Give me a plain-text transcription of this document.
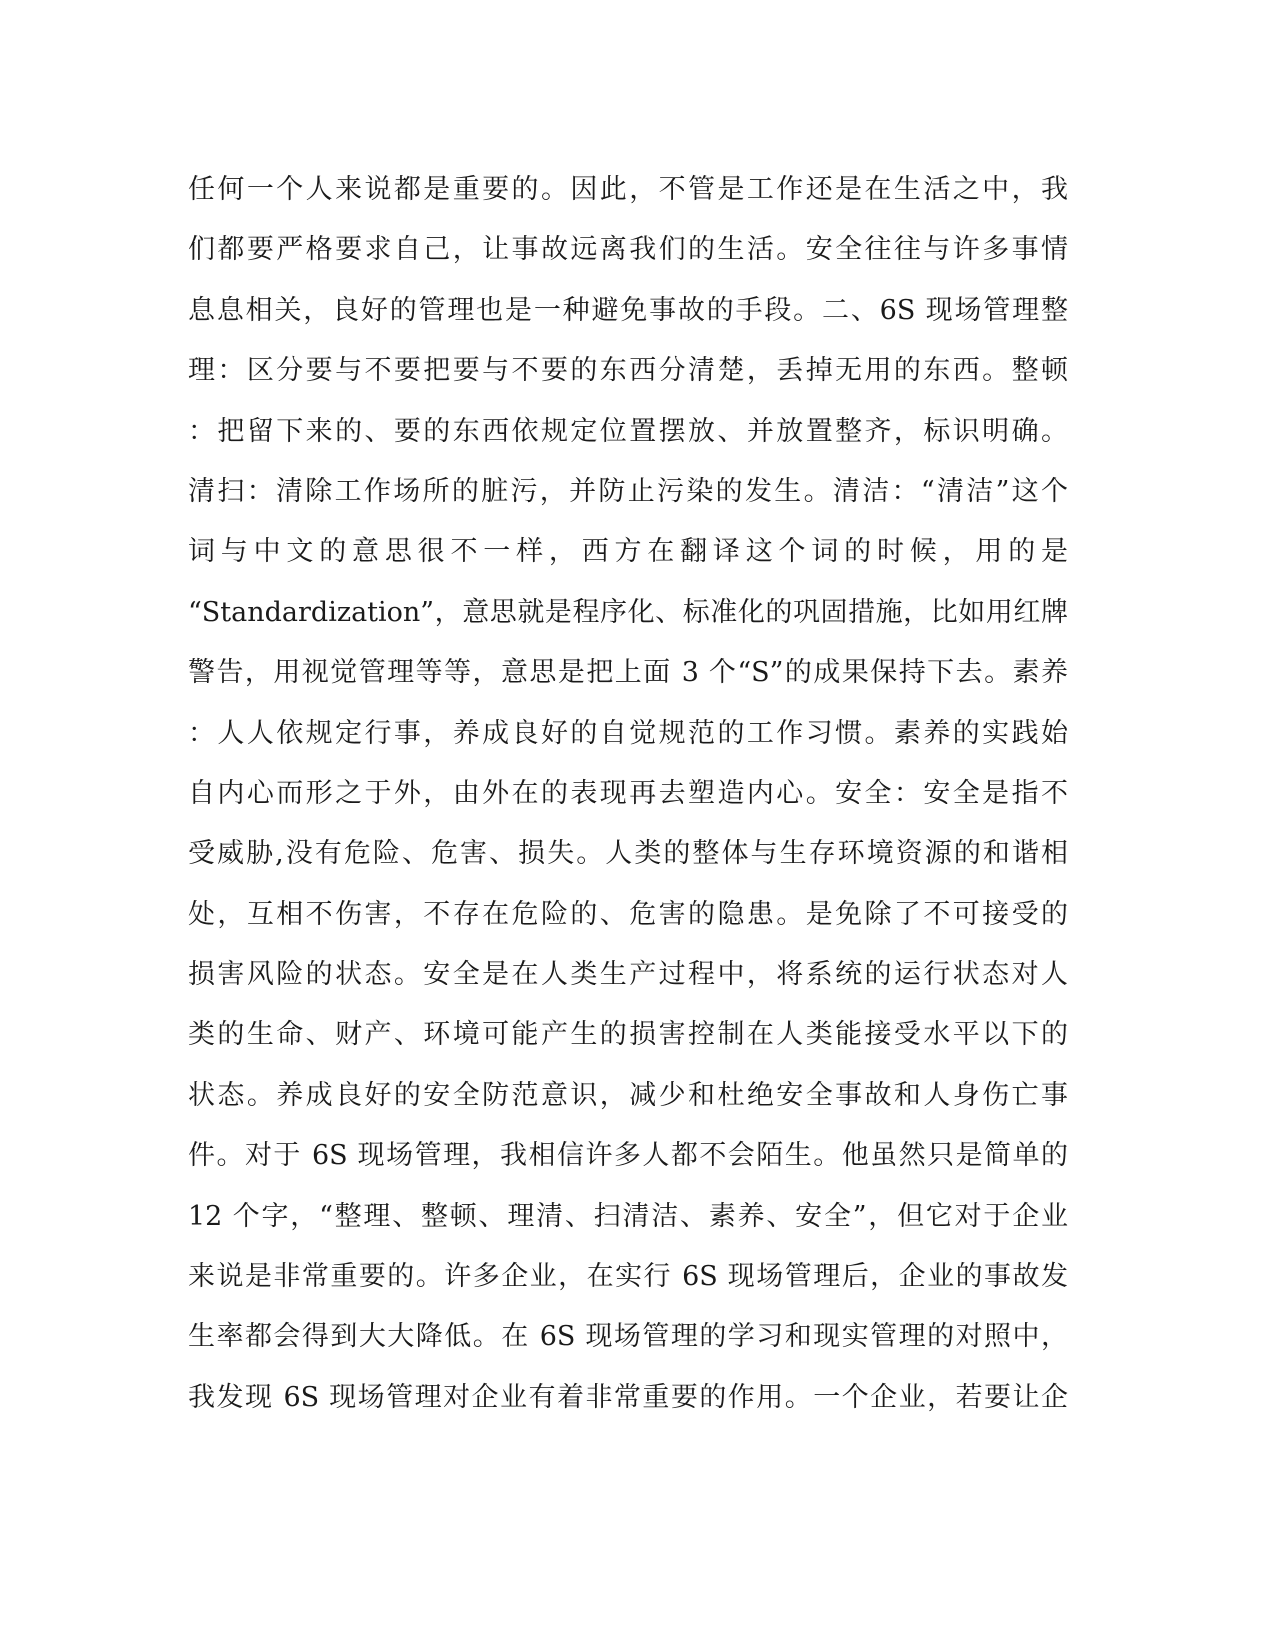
任何一个人来说都是重要的。因此，不管是工作还是在生活之中，我
们都要严格要求自己，让事故远离我们的生活。安全往往与许多事情
息息相关，良好的管理也是一种避免事故的手段。二、6S 现场管理整
理：区分要与不要把要与不要的东西分清楚，丢掉无用的东西。整顿
：把留下来的、要的东西依规定位置摆放、并放置整齐，标识明确。
清扫：清除工作场所的脏污，并防止污染的发生。清洁：“清洁”这个
词与中文的意思很不一样，西方在翻译这个词的时候，用的是
“Standardization”，意思就是程序化、标准化的巩固措施，比如用红牌
警告，用视觉管理等等，意思是把上面 3 个“S”的成果保持下去。素养
：人人依规定行事，养成良好的自觉规范的工作习惯。素养的实践始
自内心而形之于外，由外在的表现再去塑造内心。安全：安全是指不
受威胁,没有危险、危害、损失。人类的整体与生存环境资源的和谐相
处，互相不伤害，不存在危险的、危害的隐患。是免除了不可接受的
损害风险的状态。安全是在人类生产过程中，将系统的运行状态对人
类的生命、财产、环境可能产生的损害控制在人类能接受水平以下的
状态。养成良好的安全防范意识，减少和杜绝安全事故和人身伤亡事
件。对于 6S 现场管理，我相信许多人都不会陌生。他虽然只是简单的
12 个字，“整理、整顿、理清、扫清洁、素养、安全”，但它对于企业
来说是非常重要的。许多企业，在实行 6S 现场管理后，企业的事故发
生率都会得到大大降低。在 6S 现场管理的学习和现实管理的对照中，
我发现 6S 现场管理对企业有着非常重要的作用。一个企业，若要让企
